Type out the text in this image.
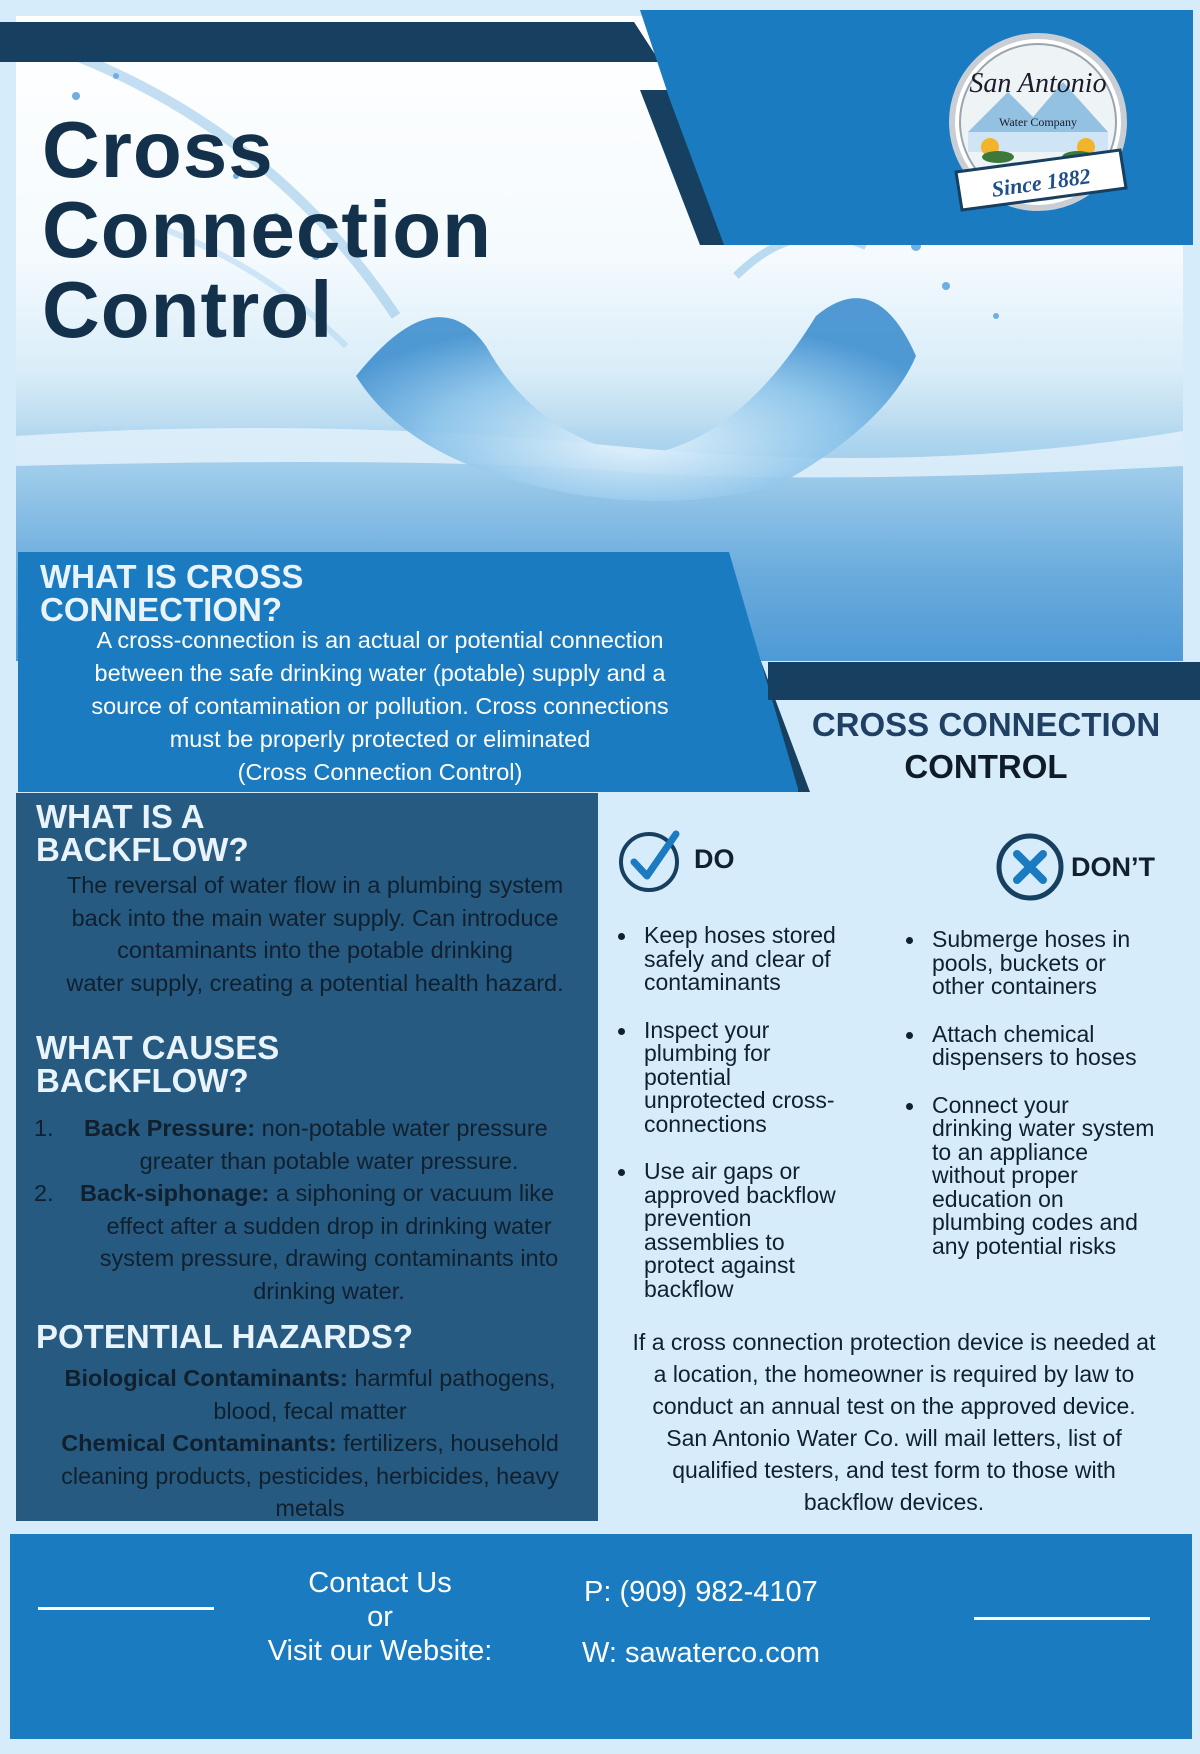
San Antonio
Water Company
Since 1882
Cross
Connection
Control

WHAT IS CROSS

CONNECTION?

A cross-connection is an actual or potential connection

between the safe drinking water (potable) supply and a

source of contamination or pollution. Cross connections

must be properly protected or eliminated

(Cross Connection Control)

WHAT IS A

BACKFLOW?

The reversal of water flow in a plumbing system

back into the main water supply. Can introduce

contaminants into the potable drinking

water supply, creating a potential health hazard.

WHAT CAUSES

BACKFLOW?

1.	Back Pressure: non-potable water pressure

greater than potable water pressure.

2.	Back-siphonage: a siphoning or vacuum like

effect after a sudden drop in drinking water

system pressure, drawing contaminants into

drinking water.

POTENTIAL HAZARDS?

Biological Contaminants: harmful pathogens,

blood, fecal matter

Chemical Contaminants: fertilizers, household

cleaning products, pesticides, herbicides, heavy

metals

CROSS CONNECTION
CONTROL
DO
Keep hoses stored
safely and clear of
contaminants
Inspect your
plumbing for
potential
unprotected cross-
connections
Use air gaps or
approved backflow
prevention
assemblies to
protect against
backflow
DON’T
Submerge hoses in
pools, buckets or
other containers
Attach chemical
dispensers to hoses
Connect your
drinking water system
to an appliance
without proper
education on
plumbing codes and
any potential risks
If a cross connection protection device is needed at
a location, the homeowner is required by law to
conduct an annual test on the approved device.
San Antonio Water Co. will mail letters, list of
qualified testers, and test form to those with
backflow devices.
Contact Us
or
Visit our Website:
P: (909) 982-4107
W: sawaterco.com
